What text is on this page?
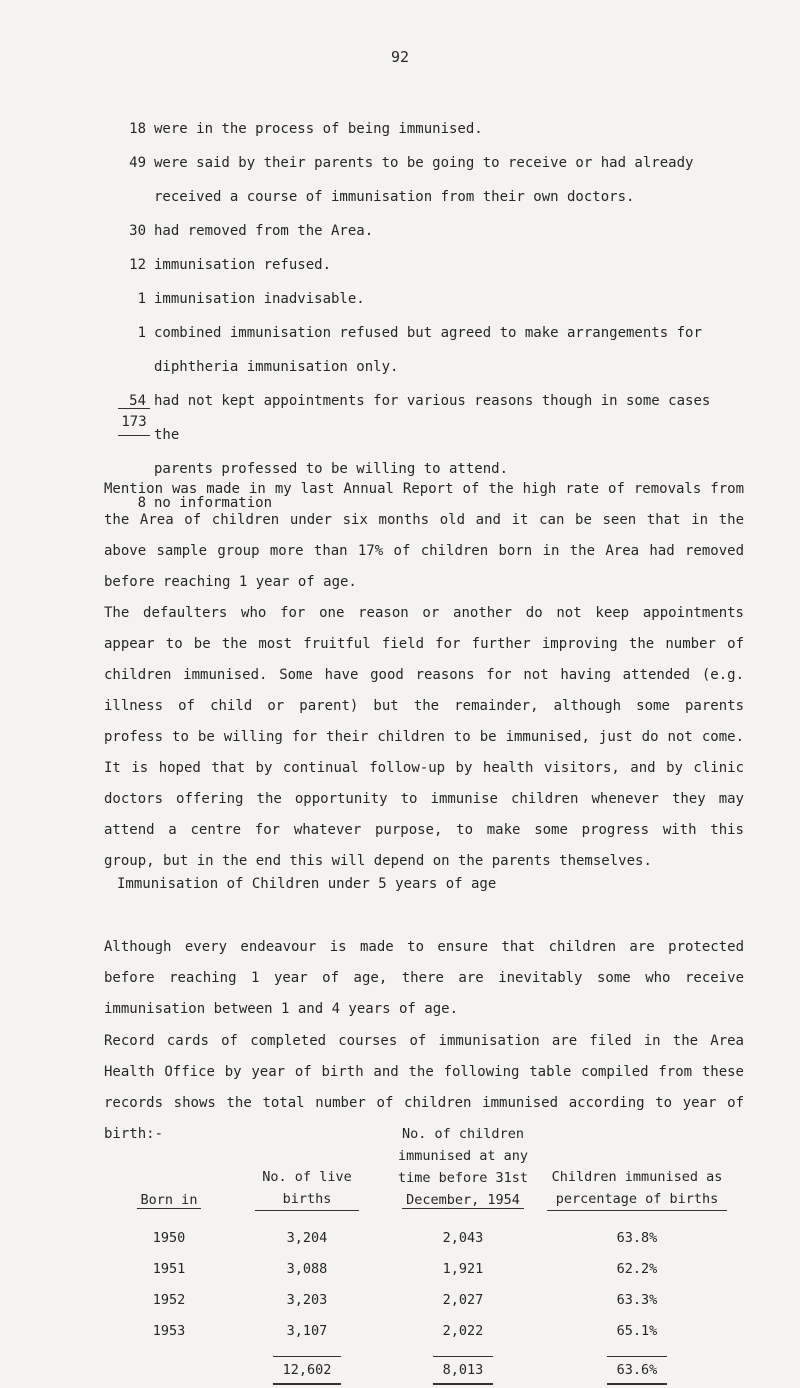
92
18 were in the process of being immunised.
49 were said by their parents to be going to receive or had already
received a course of immunisation from their own doctors.
30 had removed from the Area.
12 immunisation refused.
1 immunisation inadvisable.
1 combined immunisation refused but agreed to make arrangements for
diphtheria immunisation only.
54 had not kept appointments for various reasons though in some cases the
parents professed to be willing to attend.
8 no information
173
Mention was made in my last Annual Report of the high rate of removals from the Area of children under six months old and it can be seen that in the above sample group more than 17% of children born in the Area had removed before reaching 1 year of age.
The defaulters who for one reason or another do not keep appointments appear to be the most fruitful field for further improving the number of children immunised. Some have good reasons for not having attended (e.g. illness of child or parent) but the remainder, although some parents profess to be willing for their children to be immunised, just do not come. It is hoped that by continual follow-up by health visitors, and by clinic doctors offering the opportunity to immunise children whenever they may attend a centre for whatever purpose, to make some progress with this group, but in the end this will depend on the parents themselves.
Immunisation of Children under 5 years of age
Although every endeavour is made to ensure that children are protected before reaching 1 year of age, there are inevitably some who receive immunisation between 1 and 4 years of age.
Record cards of completed courses of immunisation are filed in the Area Health Office by year of birth and the following table compiled from these records shows the total number of children immunised according to year of birth:-
Born in	No. of live births	No. of children
immunised at any
time before 31st
December, 1954	Children immunised as percentage of births
1950	3,204	2,043	63.8%
1951	3,088	1,921	62.2%
1952	3,203	2,027	63.3%
1953	3,107	2,022	65.1%
	12,602	8,013	63.6%
